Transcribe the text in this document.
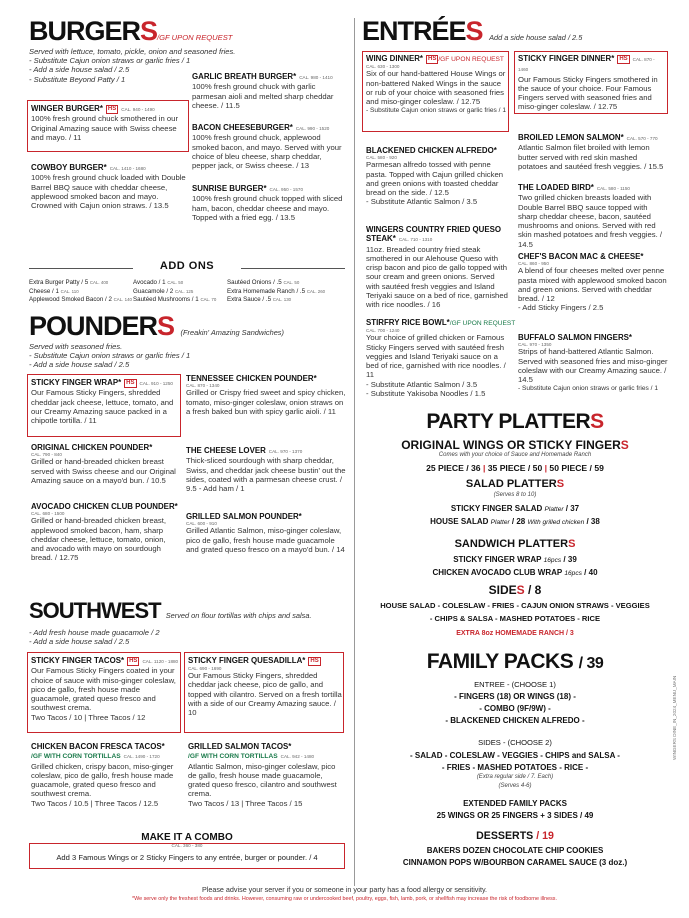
BURGERS/GF UPON REQUEST
Served with lettuce, tomato, pickle, onion and seasoned fries.
- Substitute Cajun onion straws or garlic fries / 1
- Add a side house salad / 2.5
- Substitute Beyond Patty / 1
WINGER BURGER* HS CAL. 940 - 1490
100% fresh ground chuck smothered in our Original Amazing sauce with Swiss cheese and mayo. / 11
COWBOY BURGER* CAL. 1410 - 1680
100% fresh ground chuck loaded with Double Barrel BBQ sauce with cheddar cheese, applewood smoked bacon and mayo. Crowned with Cajun onion straws. / 13.5
GARLIC BREATH BURGER* CAL. 980 - 1410
100% fresh ground chuck with garlic parmesan aioli and melted sharp cheddar cheese. / 11.5
BACON CHEESEBURGER* CAL. 990 - 1520
100% fresh ground chuck, applewood smoked bacon, and mayo. Served with your choice of bleu cheese, sharp cheddar, pepper jack, or Swiss cheese. / 13
SUNRISE BURGER* CAL. 950 - 1570
100% fresh ground chuck topped with sliced ham, bacon, cheddar cheese and mayo. Topped with a fried egg. / 13.5
ADD ONS
Extra Burger Patty / 5 CAL. 400
Cheese / 1 CAL. 110
Applewood Smoked Bacon / 2 CAL. 140
Avocado / 1 CAL. 50
Guacamole / 2 CAL. 125
Sautéed Mushrooms / 1 CAL. 70
Sautéed Onions / .5 CAL. 50
Extra Homemade Ranch / .5 CAL. 260
Extra Sauce / .5 CAL. 130
POUNDERS (Freakin' Amazing Sandwiches)
Served with seasoned fries.
- Substitute Cajun onion straws or garlic fries / 1
- Add a side house salad / 2.5
STICKY FINGER WRAP* HS CAL. 910 - 1250
Our Famous Sticky Fingers, shredded cheddar jack cheese, lettuce, tomato, and our Creamy Amazing sauce packed in a chipotle tortilla. / 11
ORIGINAL CHICKEN POUNDER*
CAL. 790 - 840
Grilled or hand-breaded chicken breast served with Swiss cheese and our Original Amazing sauce on a mayo'd bun. / 10.5
AVOCADO CHICKEN CLUB POUNDER*
CAL. 680 - 1500
Grilled or hand-breaded chicken breast, applewood smoked bacon, ham, sharp cheddar cheese, lettuce, tomato, onion, and avocado with mayo on sourdough bread. / 12.75
TENNESSEE CHICKEN POUNDER*
CAL. 870 - 1340
Grilled or Crispy fried sweet and spicy chicken, tomato, miso-ginger coleslaw, onion straws on a fresh baked bun with spicy garlic aioli. / 11
THE CHEESE LOVER CAL. 970 - 1370
Thick-sliced sourdough with sharp cheddar, Swiss, and cheddar jack cheese bustin' out the sides, coated with a parmesan cheese crust. / 9.5 - Add ham / 1
GRILLED SALMON POUNDER*
CAL. 600 - 910
Grilled Atlantic Salmon, miso-ginger coleslaw, pico de gallo, fresh house made guacamole and grated queso fresco on a mayo'd bun. / 14
SOUTHWEST Served on flour tortillas with chips and salsa.
- Add fresh house made guacamole / 2
- Add a side house salad / 2.5
STICKY FINGER TACOS* HS CAL. 1120 - 1880
Our Famous Sticky Fingers coated in your choice of sauce with miso-ginger coleslaw, pico de gallo, fresh house made guacamole, grated queso fresco and southwest crema.
Two Tacos / 10 | Three Tacos / 12
STICKY FINGER QUESADILLA* HS
CAL. 690 - 1690
Our Famous Sticky Fingers, shredded cheddar jack cheese, pico de gallo, and topped with cilantro. Served on a fresh tortilla with a side of our Creamy Amazing sauce. / 10
CHICKEN BACON FRESCA TACOS*
/GF WITH CORN TORTILLAS CAL. 1490 - 1720
Grilled chicken, crispy bacon, miso-ginger coleslaw, pico de gallo, fresh house made guacamole, grated queso fresco and southwest crema.
Two Tacos / 10.5 | Three Tacos / 12.5
GRILLED SALMON TACOS*
/GF WITH CORN TORTILLAS CAL. 942 - 1480
Atlantic Salmon, miso-ginger coleslaw, pico de gallo, fresh house made guacamole, grated queso fresco, cilantro and southwest crema.
Two Tacos / 13 | Three Tacos / 15
MAKE IT A COMBO
CAL. 360 - 380
Add 3 Famous Wings or 2 Sticky Fingers to any entrée, burger or pounder. / 4
ENTRÉES Add a side house salad / 2.5
WING DINNER* HS /GF UPON REQUEST
CAL. 630 - 1300
Six of our hand-battered House Wings or non-battered Naked Wings in the sauce or rub of your choice with seasoned fries and miso-ginger coleslaw. / 12.75
- Substitute Cajun onion straws or garlic fries / 1
STICKY FINGER DINNER* HS CAL. 870 - 1460
Our Famous Sticky Fingers smothered in the sauce of your choice. Four Famous Fingers served with seasoned fries and miso-ginger coleslaw. / 12.75
BLACKENED CHICKEN ALFREDO*
CAL. 580 - 920
Parmesan alfredo tossed with penne pasta. Topped with Cajun grilled chicken and green onions with toasted cheddar bread on the side. / 12.5
- Substitute Atlantic Salmon / 3.5
WINGERS COUNTRY FRIED QUESO STEAK* CAL. 710 - 1310
11oz. Breaded country fried steak smothered in our Alehouse Queso with crisp bacon and pico de gallo topped with sour cream and green onions. Served with sautéed fresh veggies and Island Teriyaki sauce on a bed of rice, garnished with rice noodles. / 16
STIRFRY RICE BOWL*/GF UPON REQUEST
CAL. 700 - 1240
Your choice of grilled chicken or Famous Sticky Fingers served with sautéed fresh veggies and Island Teriyaki sauce on a bed of rice, garnished with rice noodles. / 11
- Substitute Atlantic Salmon / 3.5
- Substitute Yakisoba Noodles / 1.5
BROILED LEMON SALMON* CAL. 570 - 770
Atlantic Salmon filet broiled with lemon butter served with red skin mashed potatoes and sautéed fresh veggies. / 15.5
THE LOADED BIRD* CAL. 580 - 1150
Two grilled chicken breasts loaded with Double Barrel BBQ sauce topped with sharp cheddar cheese, bacon, sautéed mushrooms and onions. Served with red skin mashed potatoes and fresh veggies. / 14.5
CHEF'S BACON MAC & CHEESE*
CAL. 860 - 950
A blend of four cheeses melted over penne pasta mixed with applewood smoked bacon and green onions. Served with cheddar bread. / 12
- Add Sticky Fingers / 2.5
BUFFALO SALMON FINGERS*
CAL. 970 - 1350
Strips of hand-battered Atlantic Salmon. Served with seasoned fries and miso-ginger coleslaw with our Creamy Amazing sauce. / 14.5
- Substitute Cajun onion straws or garlic fries / 1
PARTY PLATTERS
ORIGINAL WINGS OR STICKY FINGERS
Comes with your choice of Sauce and Homemade Ranch
25 PIECE / 36 | 35 PIECE / 50 | 50 PIECE / 59
SALAD PLATTERS
(Serves 8 to 10)
STICKY FINGER SALAD Platter / 37
HOUSE SALAD Platter / 28 With grilled chicken / 38
SANDWICH PLATTERS
STICKY FINGER WRAP 16pcs / 39
CHICKEN AVOCADO CLUB WRAP 16pcs / 40
SIDES / 8
HOUSE SALAD - COLESLAW - FRIES - CAJUN ONION STRAWS - VEGGIES
- CHIPS & SALSA - MASHED POTATOES - RICE
EXTRA 8oz HOMEMADE RANCH / 3
FAMILY PACKS / 39
ENTREE - (CHOOSE 1)
- FINGERS (18) OR WINGS (18) -
- COMBO (9F/9W) -
- BLACKENED CHICKEN ALFREDO -
SIDES - (CHOOSE 2)
- SALAD - COLESLAW - VEGGIES - CHIPS and SALSA -
- FRIES - MASHED POTATOES - RICE -
(Extra regular side / 7. Each)
(Serves 4-6)
EXTENDED FAMILY PACKS
25 WINGS OR 25 FINGERS + 3 SIDES / 49
DESSERTS / 19
BAKERS DOZEN CHOCOLATE CHIP COOKIES
CINNAMON POPS W/BOURBON CARAMEL SAUCE (3 doz.)
Please advise your server if you or someone in your party has a food allergy or sensitivity.
*We serve only the freshest foods and drinks. However, consuming raw or undercooked beef, poultry, eggs, fish, lamb, pork, or shellfish may increase the risk of foodborne illness.
WINGERS DINE_IN_2024_MENU_MAIN
